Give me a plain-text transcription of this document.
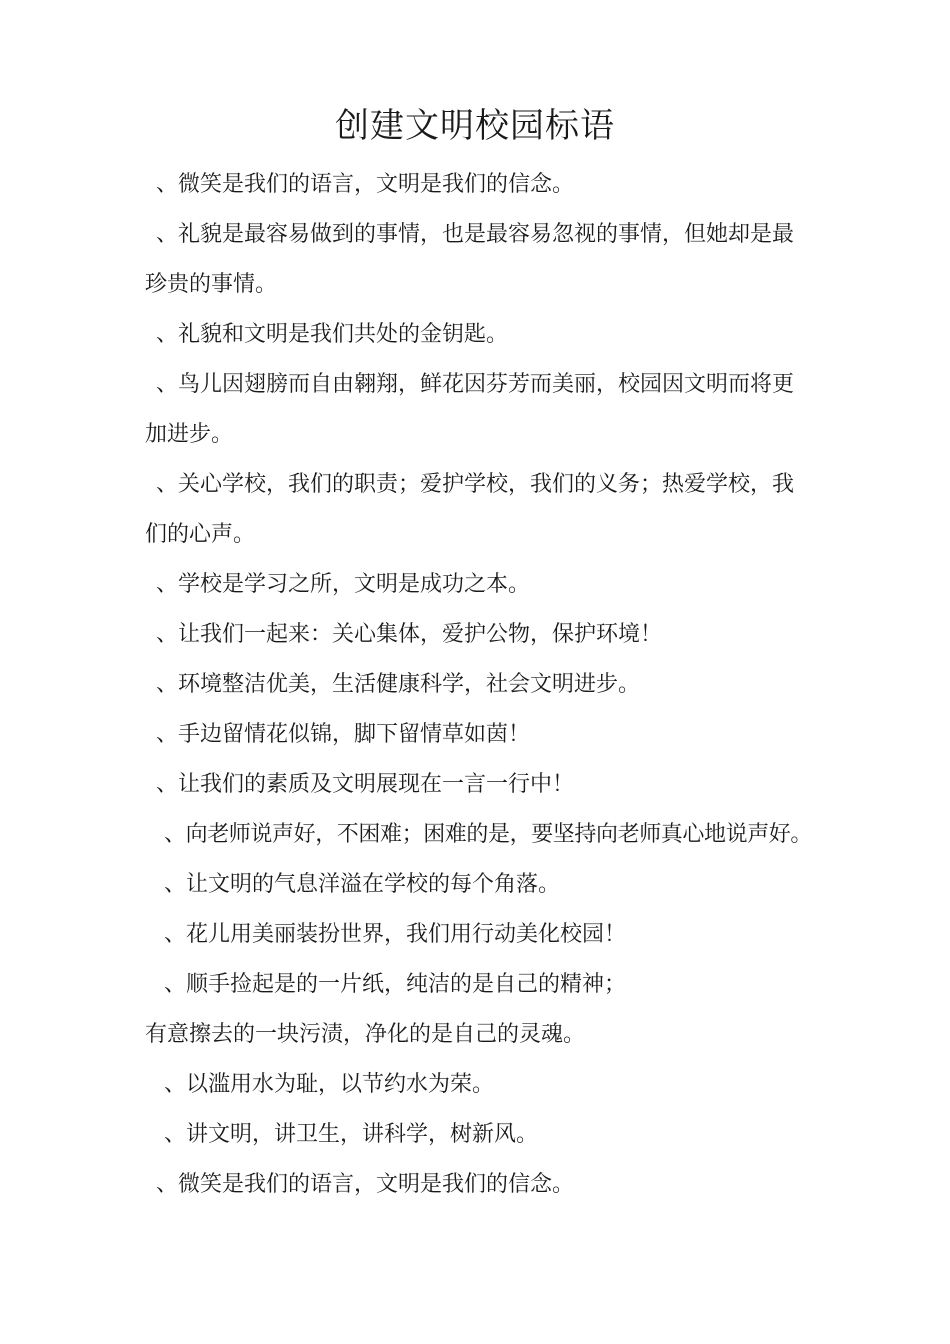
创建文明校园标语

、微笑是我们的语言，文明是我们的信念。

、礼貌是最容易做到的事情，也是最容易忽视的事情，但她却是最

珍贵的事情。

、礼貌和文明是我们共处的金钥匙。

、鸟儿因翅膀而自由翱翔，鲜花因芬芳而美丽，校园因文明而将更

加进步。

、关心学校，我们的职责；爱护学校，我们的义务；热爱学校，我

们的心声。

、学校是学习之所，文明是成功之本。

、让我们一起来：关心集体，爱护公物，保护环境！

、环境整洁优美，生活健康科学，社会文明进步。

、手边留情花似锦，脚下留情草如茵！

、让我们的素质及文明展现在一言一行中！

、向老师说声好，不困难；困难的是，要坚持向老师真心地说声好。

、让文明的气息洋溢在学校的每个角落。

、花儿用美丽装扮世界，我们用行动美化校园！

、顺手捡起是的一片纸，纯洁的是自己的精神；

有意擦去的一块污渍，净化的是自己的灵魂。

、以滥用水为耻，以节约水为荣。

、讲文明，讲卫生，讲科学，树新风。

、微笑是我们的语言，文明是我们的信念。
